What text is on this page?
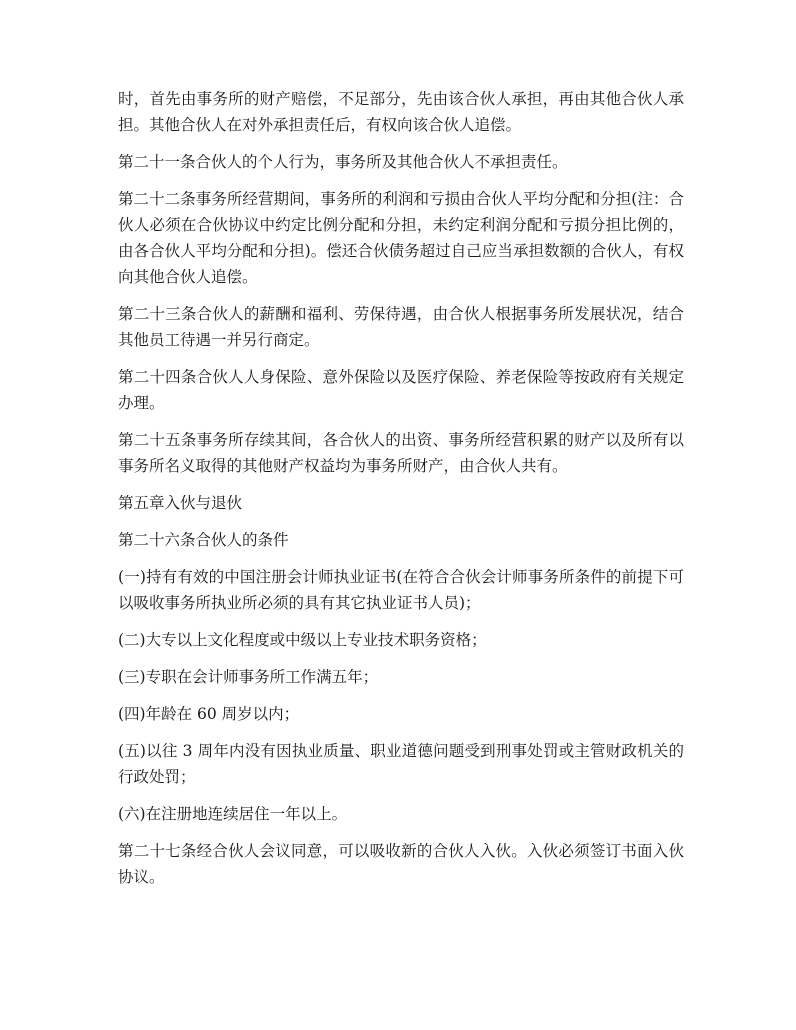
时，首先由事务所的财产赔偿，不足部分，先由该合伙人承担，再由其他合伙人承担。其他合伙人在对外承担责任后，有权向该合伙人追偿。

第二十一条合伙人的个人行为，事务所及其他合伙人不承担责任。

第二十二条事务所经营期间，事务所的利润和亏损由合伙人平均分配和分担(注：合伙人必须在合伙协议中约定比例分配和分担，未约定利润分配和亏损分担比例的，由各合伙人平均分配和分担)。偿还合伙债务超过自己应当承担数额的合伙人，有权向其他合伙人追偿。

第二十三条合伙人的薪酬和福利、劳保待遇，由合伙人根据事务所发展状况，结合其他员工待遇一并另行商定。

第二十四条合伙人人身保险、意外保险以及医疗保险、养老保险等按政府有关规定办理。

第二十五条事务所存续其间，各合伙人的出资、事务所经营积累的财产以及所有以事务所名义取得的其他财产权益均为事务所财产，由合伙人共有。

第五章入伙与退伙

第二十六条合伙人的条件

(一)持有有效的中国注册会计师执业证书(在符合合伙会计师事务所条件的前提下可以吸收事务所执业所必须的具有其它执业证书人员)；

(二)大专以上文化程度或中级以上专业技术职务资格；

(三)专职在会计师事务所工作满五年；

(四)年龄在 60 周岁以内；

(五)以往 3 周年内没有因执业质量、职业道德问题受到刑事处罚或主管财政机关的行政处罚；

(六)在注册地连续居住一年以上。

第二十七条经合伙人会议同意，可以吸收新的合伙人入伙。入伙必须签订书面入伙协议。
